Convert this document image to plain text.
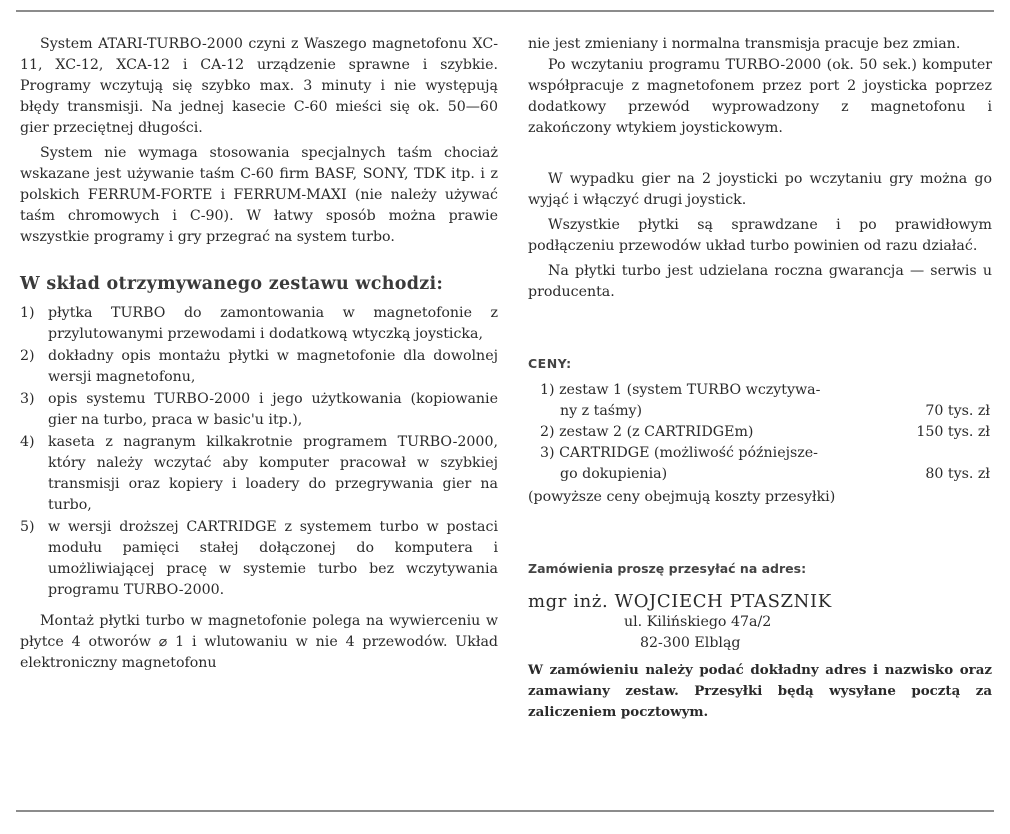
System ATARI-TURBO-2000 czyni z Waszego magnetofonu XC-11, XC-12, XCA-12 i CA-12 urządzenie sprawne i szybkie. Programy wczytują się szybko max. 3 minuty i nie występują błędy transmisji. Na jednej kasecie C-60 mieści się ok. 50—60 gier przeciętnej długości.

System nie wymaga stosowania specjalnych taśm chociaż wskazane jest używanie taśm C-60 firm BASF, SONY, TDK itp. i z polskich FERRUM-FORTE i FERRUM-MAXI (nie należy używać taśm chromowych i C-90). W łatwy sposób można prawie wszystkie programy i gry przegrać na system turbo.

W skład otrzymywanego zestawu wchodzi:
1) płytka TURBO do zamontowania w magnetofonie z przylutowanymi przewodami i dodatkową wtyczką joysticka,
2) dokładny opis montażu płytki w magnetofonie dla dowolnej wersji magnetofonu,
3) opis systemu TURBO-2000 i jego użytkowania (kopiowanie gier na turbo, praca w basic'u itp.),
4) kaseta z nagranym kilkakrotnie programem TURBO-2000, który należy wczytać aby komputer pracował w szybkiej transmisji oraz kopiery i loadery do przegrywania gier na turbo,
5) w wersji droższej CARTRIDGE z systemem turbo w postaci modułu pamięci stałej dołączonej do komputera i umożliwiającej pracę w systemie turbo bez wczytywania programu TURBO-2000.

Montaż płytki turbo w magnetofonie polega na wywierceniu w płytce 4 otworów ⌀ 1 i wlutowaniu w nie 4 przewodów. Układ elektroniczny magnetofonu

nie jest zmieniany i normalna transmisja pracuje bez zmian.

Po wczytaniu programu TURBO-2000 (ok. 50 sek.) komputer współpracuje z magnetofonem przez port 2 joysticka poprzez dodatkowy przewód wyprowadzony z magnetofonu i zakończony wtykiem joystickowym.

W wypadku gier na 2 joysticki po wczytaniu gry można go wyjąć i włączyć drugi joystick.

Wszystkie płytki są sprawdzane i po prawidłowym podłączeniu przewodów układ turbo powinien od razu działać.

Na płytki turbo jest udzielana roczna gwarancja — serwis u producenta.

CENY:
1) zestaw 1 (system TURBO wczytywa-
ny z taśmy)	70 tys. zł
2) zestaw 2 (z CARTRIDGEm)	150 tys. zł
3) CARTRIDGE (możliwość późniejsze-
go dokupienia)	80 tys. zł
(powyższe ceny obejmują koszty przesyłki)
Zamówienia proszę przesyłać na adres:
mgr inż. WOJCIECH PTASZNIK
ul. Kilińskiego 47a/2
82-300 Elbląg

W zamówieniu należy podać dokładny adres i nazwisko oraz zamawiany zestaw. Przesyłki będą wysyłane pocztą za zaliczeniem pocztowym.
